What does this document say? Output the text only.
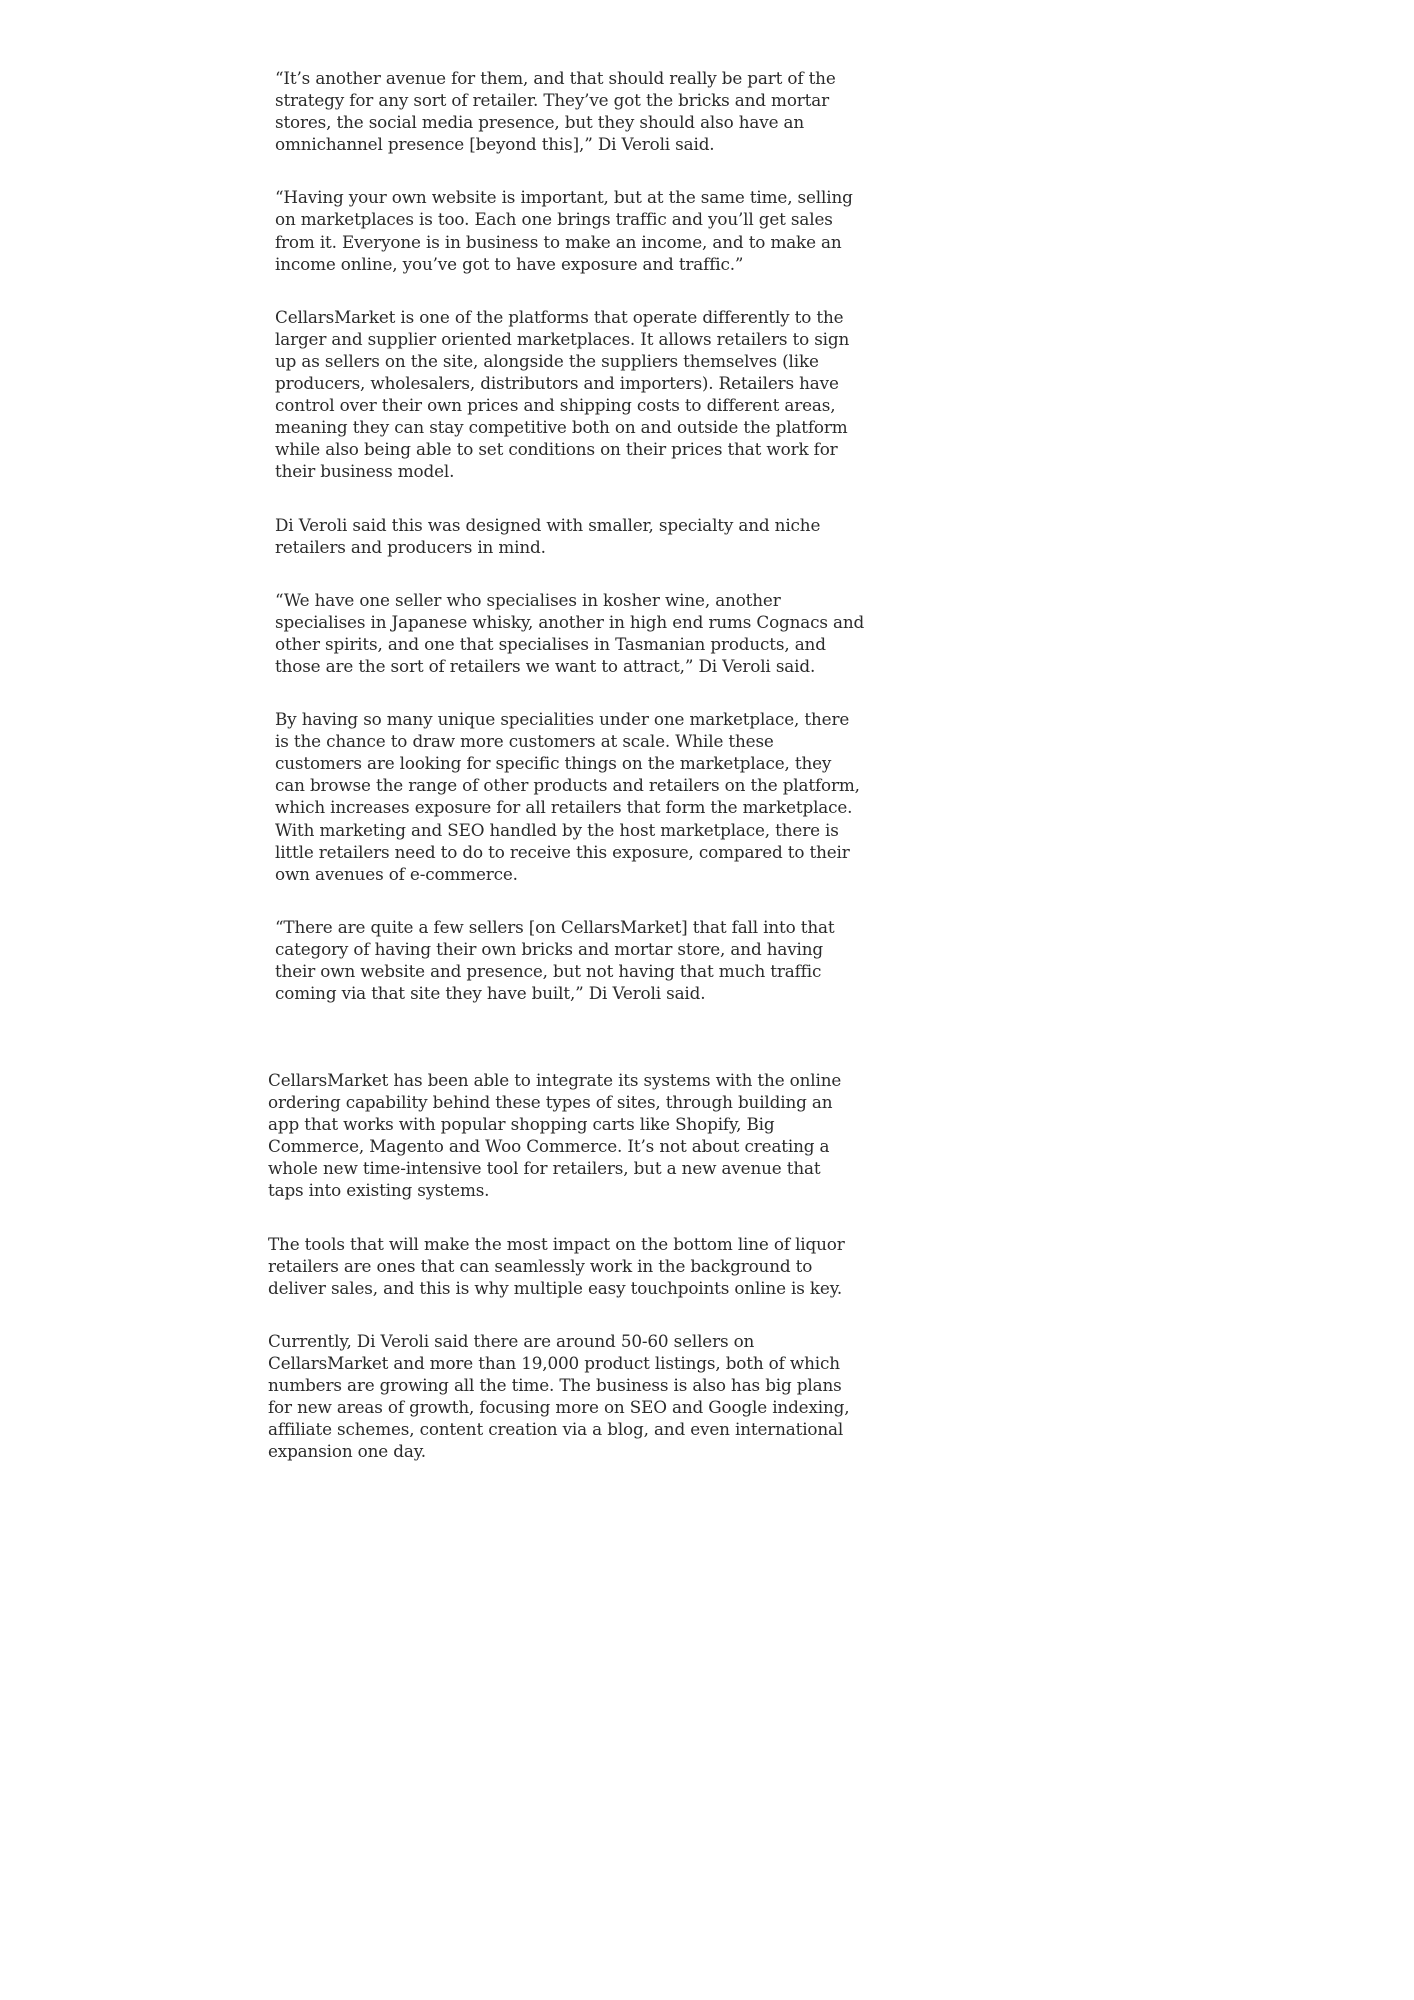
“It’s another avenue for them, and that should really be part of the strategy for any sort of retailer. They’ve got the bricks and mortar stores, the social media presence, but they should also have an omnichannel presence [beyond this],” Di Veroli said.

“Having your own website is important, but at the same time, selling on marketplaces is too. Each one brings traffic and you’ll get sales from it. Everyone is in business to make an income, and to make an income online, you’ve got to have exposure and traffic.”

CellarsMarket is one of the platforms that operate differently to the larger and supplier oriented marketplaces. It allows retailers to sign up as sellers on the site, alongside the suppliers themselves (like producers, wholesalers, distributors and importers). Retailers have control over their own prices and shipping costs to different areas, meaning they can stay competitive both on and outside the platform while also being able to set conditions on their prices that work for their business model.

Di Veroli said this was designed with smaller, specialty and niche retailers and producers in mind.

“We have one seller who specialises in kosher wine, another specialises in Japanese whisky, another in high end rums Cognacs and other spirits, and one that specialises in Tasmanian products, and those are the sort of retailers we want to attract,” Di Veroli said.

By having so many unique specialities under one marketplace, there is the chance to draw more customers at scale. While these customers are looking for specific things on the marketplace, they can browse the range of other products and retailers on the platform, which increases exposure for all retailers that form the marketplace. With marketing and SEO handled by the host marketplace, there is little retailers need to do to receive this exposure, compared to their own avenues of e-commerce.

“There are quite a few sellers [on CellarsMarket] that fall into that category of having their own bricks and mortar store, and having their own website and presence, but not having that much traffic coming via that site they have built,” Di Veroli said.

CellarsMarket has been able to integrate its systems with the online ordering capability behind these types of sites, through building an app that works with popular shopping carts like Shopify, Big Commerce, Magento and Woo Commerce. It’s not about creating a whole new time-intensive tool for retailers, but a new avenue that taps into existing systems.

The tools that will make the most impact on the bottom line of liquor retailers are ones that can seamlessly work in the background to deliver sales, and this is why multiple easy touchpoints online is key.

Currently, Di Veroli said there are around 50-60 sellers on CellarsMarket and more than 19,000 product listings, both of which numbers are growing all the time. The business is also has big plans for new areas of growth, focusing more on SEO and Google indexing, affiliate schemes, content creation via a blog, and even international expansion one day.
